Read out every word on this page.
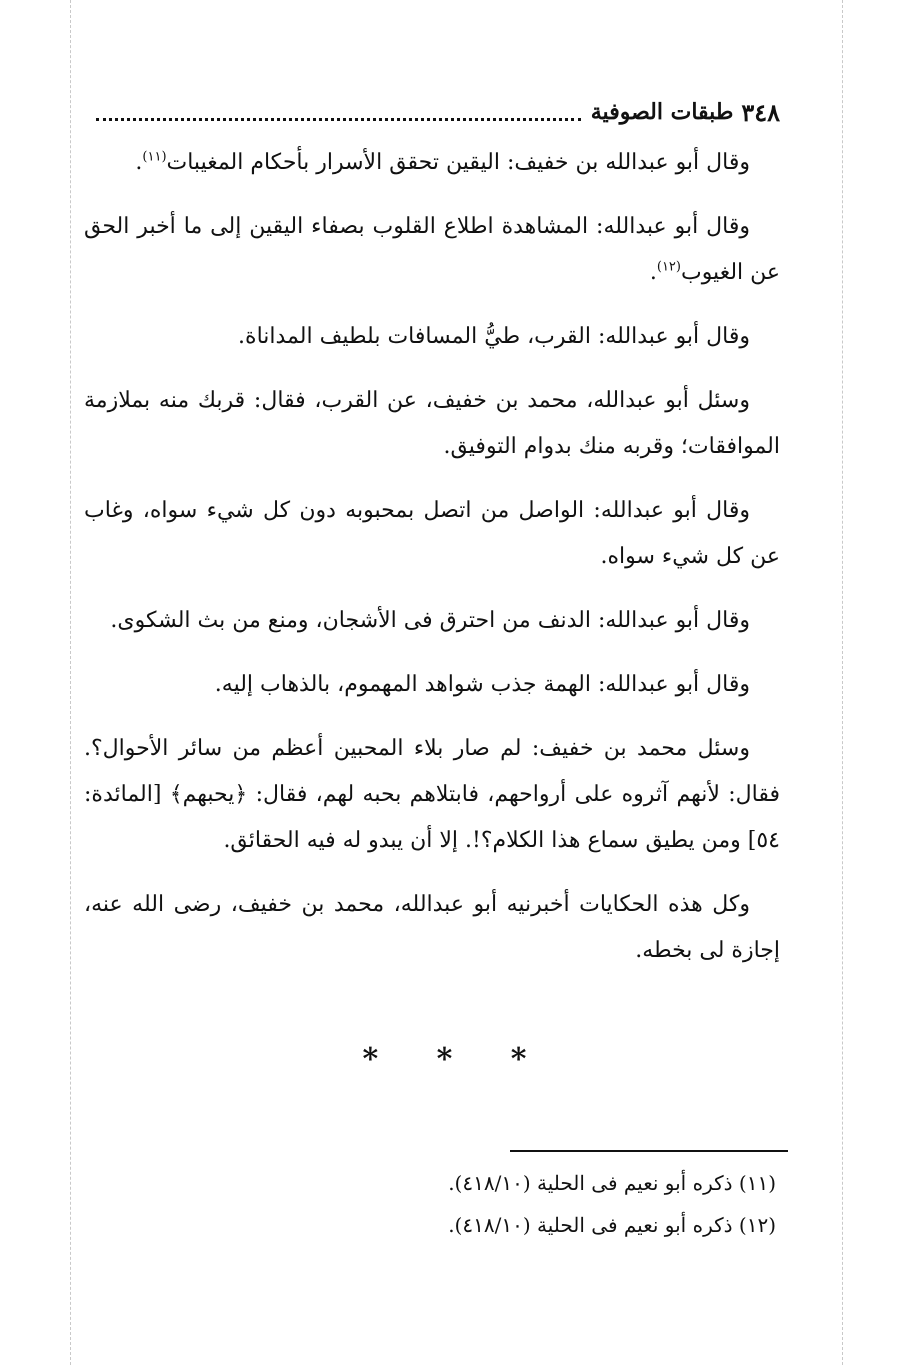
٣٤٨
طبقات الصوفية

وقال أبو عبدالله بن خفيف: اليقين تحقق الأسرار بأحكام المغيبات$^{(١١)}$.

وقال أبو عبدالله: المشاهدة اطلاع القلوب بصفاء اليقين إلى ما أخبر الحق عن الغيوب$^{(١٢)}$.

وقال أبو عبدالله: القرب، طيُّ المسافات بلطيف المداناة.

وسئل أبو عبدالله، محمد بن خفيف، عن القرب، فقال: قربك منه بملازمة الموافقات؛ وقربه منك بدوام التوفيق.

وقال أبو عبدالله: الواصل من اتصل بمحبوبه دون كل شيء سواه، وغاب عن كل شيء سواه.

وقال أبو عبدالله: الدنف من احترق فى الأشجان، ومنع من بث الشكوى.

وقال أبو عبدالله: الهمة جذب شواهد المهموم، بالذهاب إليه.

وسئل محمد بن خفيف: لم صار بلاء المحبين أعظم من سائر الأحوال؟. فقال: لأنهم آثروه على أرواحهم، فابتلاهم بحبه لهم، فقال: ﴿يحبهم﴾ [المائدة: ٥٤] ومن يطيق سماع هذا الكلام؟!. إلا أن يبدو له فيه الحقائق.

وكل هذه الحكايات أخبرنيه أبو عبدالله، محمد بن خفيف، رضى الله عنه، إجازة لى بخطه.

* * *

(١١) ذكره أبو نعيم فى الحلية (٤١٨/١٠).

(١٢) ذكره أبو نعيم فى الحلية (٤١٨/١٠).
